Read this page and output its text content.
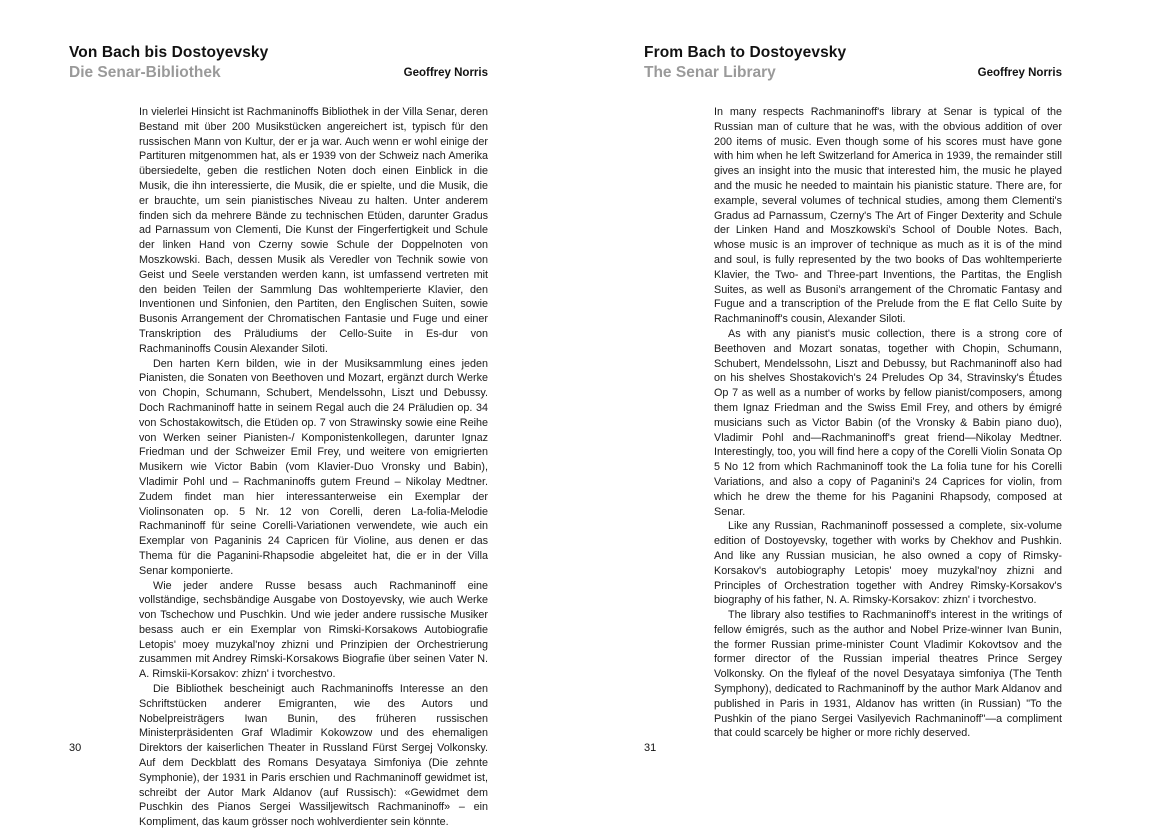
Von Bach bis Dostoyevsky
Die Senar-Bibliothek	Geoffrey Norris

In vielerlei Hinsicht ist Rachmaninoffs Bibliothek in der Villa Senar, deren Bestand mit über 200 Musikstücken angereichert ist, typisch für den russischen Mann von Kultur, der er ja war. Auch wenn er wohl einige der Partituren mitgenommen hat, als er 1939 von der Schweiz nach Amerika übersiedelte, geben die restlichen Noten doch einen Einblick in die Musik, die ihn interessierte, die Musik, die er spielte, und die Musik, die er brauchte, um sein pianistisches Niveau zu halten. Unter anderem finden sich da mehrere Bände zu technischen Etüden, darunter Gradus ad Parnassum von Clementi, Die Kunst der Fingerfertigkeit und Schule der linken Hand von Czerny sowie Schule der Doppelnoten von Moszkowski. Bach, dessen Musik als Veredler von Technik sowie von Geist und Seele verstanden werden kann, ist umfassend vertreten mit den beiden Teilen der Sammlung Das wohltemperierte Klavier, den Inventionen und Sinfonien, den Partiten, den Englischen Suiten, sowie Busonis Arrangement der Chromatischen Fantasie und Fuge und einer Transkription des Präludiums der Cello-Suite in Es-dur von Rachmaninoffs Cousin Alexander Siloti.

Den harten Kern bilden, wie in der Musiksammlung eines jeden Pianisten, die Sonaten von Beethoven und Mozart, ergänzt durch Werke von Chopin, Schumann, Schubert, Mendelssohn, Liszt und Debussy. Doch Rachmaninoff hatte in seinem Regal auch die 24 Präludien op. 34 von Schostakowitsch, die Etüden op. 7 von Strawinsky sowie eine Reihe von Werken seiner Pianisten-/ Komponistenkollegen, darunter Ignaz Friedman und der Schweizer Emil Frey, und weitere von emigrierten Musikern wie Victor Babin (vom Klavier-Duo Vronsky und Babin), Vladimir Pohl und – Rachmaninoffs gutem Freund – Nikolay Medtner. Zudem findet man hier interessanterweise ein Exemplar der Violinsonaten op. 5 Nr. 12 von Corelli, deren La-folia-Melodie Rachmaninoff für seine Corelli-Variationen verwendete, wie auch ein Exemplar von Paganinis 24 Capricen für Violine, aus denen er das Thema für die Paganini-Rhapsodie abgeleitet hat, die er in der Villa Senar komponierte.

Wie jeder andere Russe besass auch Rachmaninoff eine vollständige, sechsbändige Ausgabe von Dostoyevsky, wie auch Werke von Tschechow und Puschkin. Und wie jeder andere russische Musiker besass auch er ein Exemplar von Rimski-Korsakows Autobiografie Letopis' moey muzykal'noy zhizni und Prinzipien der Orchestrierung zusammen mit Andrey Rimski-Korsakows Biografie über seinen Vater N. A. Rimskii-Korsakov: zhizn' i tvorchestvo.

Die Bibliothek bescheinigt auch Rachmaninoffs Interesse an den Schriftstücken anderer Emigranten, wie des Autors und Nobelpreisträgers Iwan Bunin, des früheren russischen Ministerpräsidenten Graf Wladimir Kokowzow und des ehemaligen Direktors der kaiserlichen Theater in Russland Fürst Sergej Volkonsky. Auf dem Deckblatt des Romans Desyataya Simfoniya (Die zehnte Symphonie), der 1931 in Paris erschien und Rachmaninoff gewidmet ist, schreibt der Autor Mark Aldanov (auf Russisch): «Gewidmet dem Puschkin des Pianos Sergei Wassiljewitsch Rachmaninoff» – ein Kompliment, das kaum grösser noch wohlverdienter sein könnte.

30
From Bach to Dostoyevsky
The Senar Library	Geoffrey Norris

In many respects Rachmaninoff's library at Senar is typical of the Russian man of culture that he was, with the obvious addition of over 200 items of music. Even though some of his scores must have gone with him when he left Switzerland for America in 1939, the remainder still gives an insight into the music that interested him, the music he played and the music he needed to maintain his pianistic stature. There are, for example, several volumes of technical studies, among them Clementi's Gradus ad Parnassum, Czerny's The Art of Finger Dexterity and Schule der Linken Hand and Moszkowski's School of Double Notes. Bach, whose music is an improver of technique as much as it is of the mind and soul, is fully represented by the two books of Das wohltemperierte Klavier, the Two- and Three-part Inventions, the Partitas, the English Suites, as well as Busoni's arrangement of the Chromatic Fantasy and Fugue and a transcription of the Prelude from the E flat Cello Suite by Rachmaninoff's cousin, Alexander Siloti.

As with any pianist's music collection, there is a strong core of Beethoven and Mozart sonatas, together with Chopin, Schumann, Schubert, Mendelssohn, Liszt and Debussy, but Rachmaninoff also had on his shelves Shostakovich's 24 Preludes Op 34, Stravinsky's Études Op 7 as well as a number of works by fellow pianist/composers, among them Ignaz Friedman and the Swiss Emil Frey, and others by émigré musicians such as Victor Babin (of the Vronsky & Babin piano duo), Vladimir Pohl and—Rachmaninoff's great friend—Nikolay Medtner. Interestingly, too, you will find here a copy of the Corelli Violin Sonata Op 5 No 12 from which Rachmaninoff took the La folia tune for his Corelli Variations, and also a copy of Paganini's 24 Caprices for violin, from which he drew the theme for his Paganini Rhapsody, composed at Senar.

Like any Russian, Rachmaninoff possessed a complete, six-volume edition of Dostoyevsky, together with works by Chekhov and Pushkin. And like any Russian musician, he also owned a copy of Rimsky-Korsakov's autobiography Letopis' moey muzykal'noy zhizni and Principles of Orchestration together with Andrey Rimsky-Korsakov's biography of his father, N. A. Rimsky-Korsakov: zhizn' i tvorchestvo.

The library also testifies to Rachmaninoff's interest in the writings of fellow émigrés, such as the author and Nobel Prize-winner Ivan Bunin, the former Russian prime-minister Count Vladimir Kokovtsov and the former director of the Russian imperial theatres Prince Sergey Volkonsky. On the flyleaf of the novel Desyataya simfoniya (The Tenth Symphony), dedicated to Rachmaninoff by the author Mark Aldanov and published in Paris in 1931, Aldanov has written (in Russian) "To the Pushkin of the piano Sergei Vasilyevich Rachmaninoff"—a compliment that could scarcely be higher or more richly deserved.

31
